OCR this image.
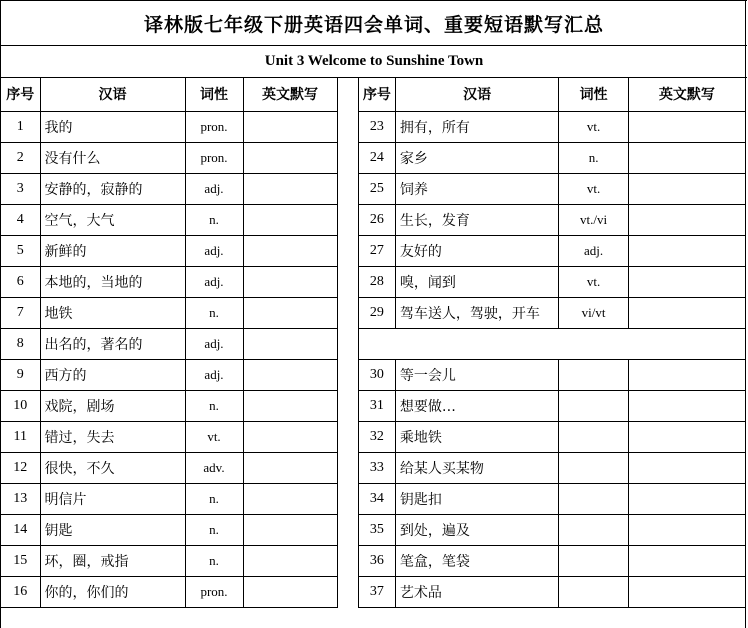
译林版七年级下册英语四会单词、重要短语默写汇总
Unit 3 Welcome to Sunshine Town
序号	汉语	词性	英文默写
1	我的	pron.	
2	没有什么	pron.	
3	安静的，寂静的	adj.	
4	空气，大气	n.	
5	新鲜的	adj.	
6	本地的，当地的	adj.	
7	地铁	n.	
8	出名的，著名的	adj.	
9	西方的	adj.	
10	戏院，剧场	n.	
11	错过，失去	vt.	
12	很快，不久	adv.	
13	明信片	n.	
14	钥匙	n.	
15	环，圈，戒指	n.	
16	你的，你们的	pron.	
序号	汉语	词性	英文默写
23	拥有，所有	vt.	
24	家乡	n.	
25	饲养	vt.	
26	生长，发育	vt./vi	
27	友好的	adj.	
28	嗅，闻到	vt.	
29	驾车送人，驾驶，开车	vi/vt	

30	等一会儿		
31	想要做…		
32	乘地铁		
33	给某人买某物		
34	钥匙扣		
35	到处，遍及		
36	笔盒，笔袋		
37	艺术品		
